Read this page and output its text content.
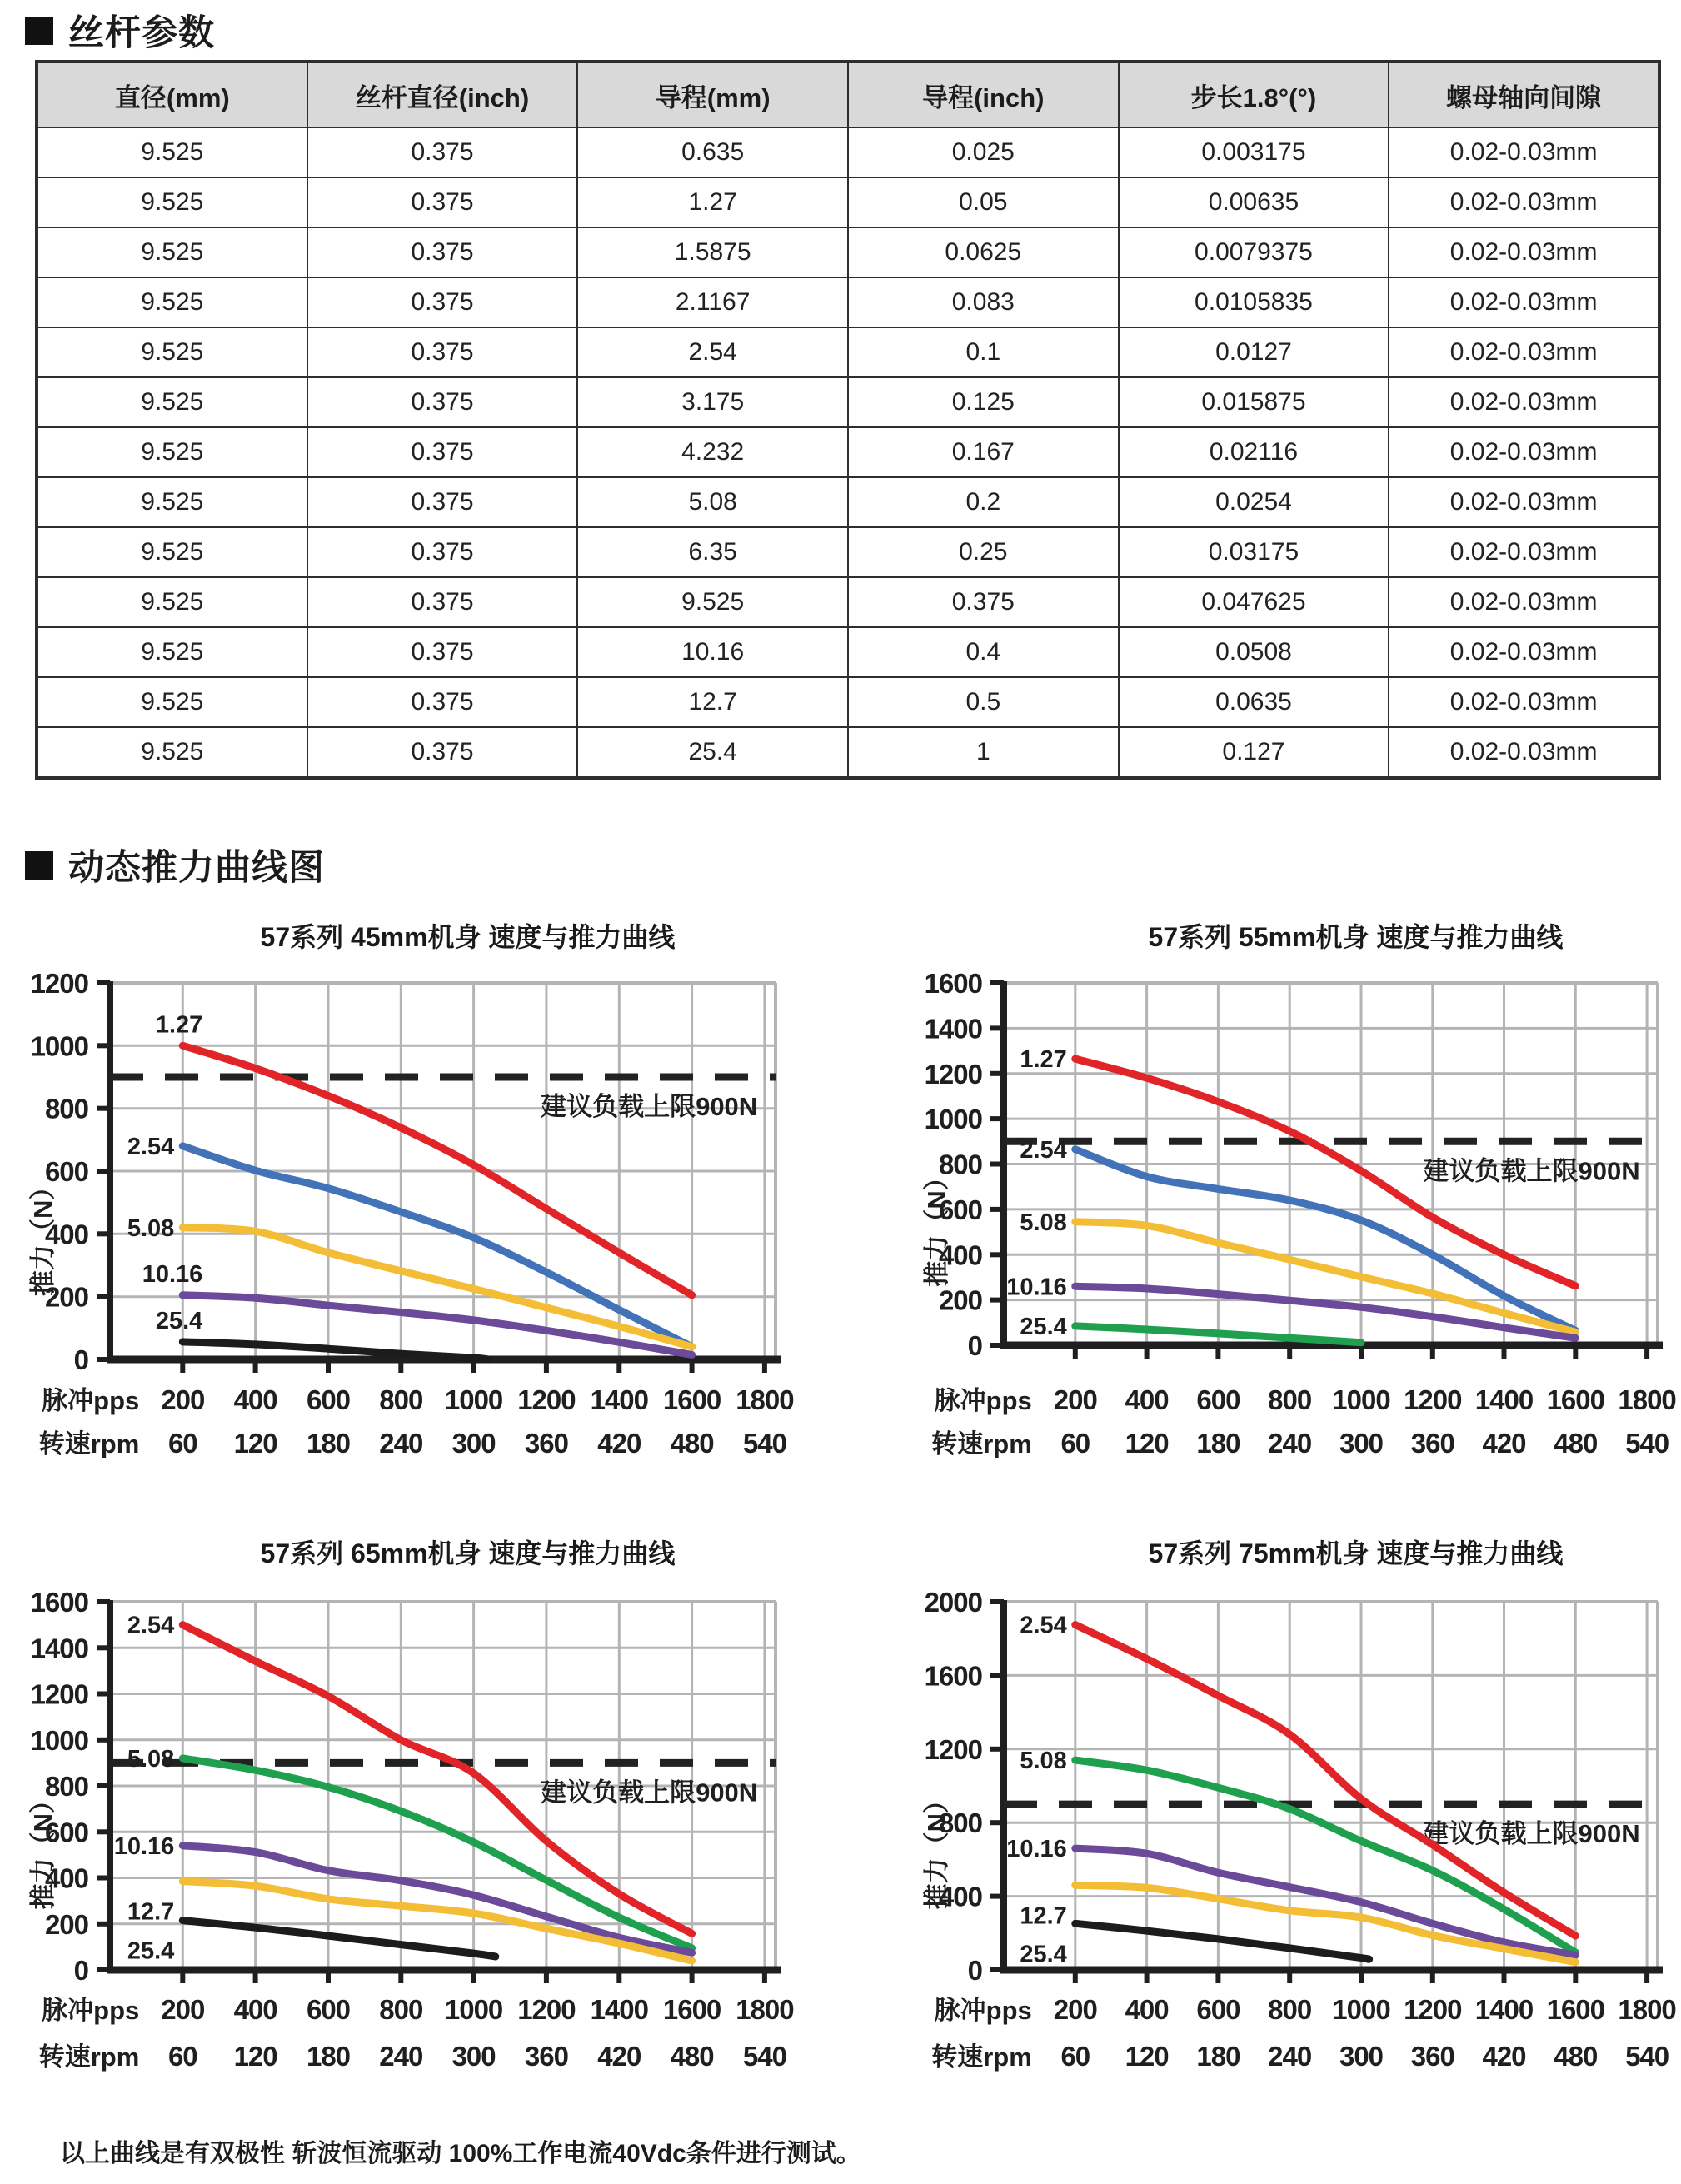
丝杆参数
直径(mm)	丝杆直径(inch)	导程(mm)	导程(inch)	步长1.8°(°)	螺母轴向间隙
9.525	0.375	0.635	0.025	0.003175	0.02-0.03mm
9.525	0.375	1.27	0.05	0.00635	0.02-0.03mm
9.525	0.375	1.5875	0.0625	0.0079375	0.02-0.03mm
9.525	0.375	2.1167	0.083	0.0105835	0.02-0.03mm
9.525	0.375	2.54	0.1	0.0127	0.02-0.03mm
9.525	0.375	3.175	0.125	0.015875	0.02-0.03mm
9.525	0.375	4.232	0.167	0.02116	0.02-0.03mm
9.525	0.375	5.08	0.2	0.0254	0.02-0.03mm
9.525	0.375	6.35	0.25	0.03175	0.02-0.03mm
9.525	0.375	9.525	0.375	0.047625	0.02-0.03mm
9.525	0.375	10.16	0.4	0.0508	0.02-0.03mm
9.525	0.375	12.7	0.5	0.0635	0.02-0.03mm
9.525	0.375	25.4	1	0.127	0.02-0.03mm
动态推力曲线图
0
200
400
600
800
1000
1200
57系列 45mm机身 速度与推力曲线
推力（N）
建议负载上限900N
1.27
2.54
5.08
10.16
25.4
脉冲pps
转速rpm
200
60
400
120
600
180
800
240
1000
300
1200
360
1400
420
1600
480
1800
540
0
200
400
600
800
1000
1200
1400
1600
57系列 55mm机身 速度与推力曲线
推力（N）	建议负载上限900N
1.27
2.54
5.08
10.16
25.4
脉冲pps
转速rpm
200
60
400
120
600
180
800
240
1000
300
1200
360
1400
420
1600
480
1800
540
0
200
400
600
800
1000
1200
1400
1600
57系列 65mm机身 速度与推力曲线
推力（N）	建议负载上限900N
2.54
5.08
10.16
12.7
25.4
脉冲pps
转速rpm
200
60
400
120
600
180
800
240
1000
300
1200
360
1400
420
1600
480
1800
540
0
400
800
1200
1600
2000
57系列 75mm机身 速度与推力曲线
推力（N）	建议负载上限900N
2.54
5.08
10.16
12.7
25.4
脉冲pps
转速rpm
200
60
400
120
600
180
800
240
1000
300
1200
360
1400
420
1600
480
1800
540
以上曲线是有双极性 斩波恒流驱动 100%工作电流40Vdc条件进行测试。
